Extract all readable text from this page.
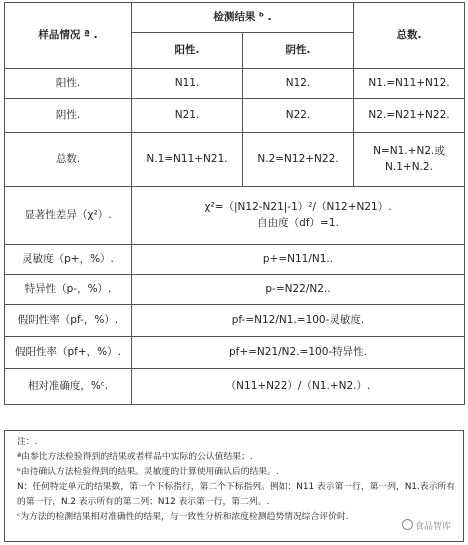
样品情况 ª .	检测结果 ᵇ .		总数.
	阳性.	阴性.	
阳性.	N11.	N12.	N1.=N11+N12.
阴性.	N21.	N22.	N2.=N21+N22.
总数.	N.1=N11+N21.	N.2=N12+N22.	N=N1.+N2.或
N.1+N.2.

显著性差异（χ²）.	χ²=（|N12-N21|-1）²/（N12+N21）.
自由度（df）=1.		

灵敏度（p+，%）.	p+=N11/N1..		
特异性（p-，%）.	p-=N22/N2..		
假阴性率（pf-，%）.	pf-=N12/N1.=100-灵敏度.		
假阳性率（pf+，%）.	pf+=N21/N2.=100-特异性.		
相对准确度，%ᶜ.	（N11+N22）/（N1.+N2.）.		
注：.
ª由参比方法检验得到的结果或者样品中实际的公认值结果；.
ᵇ由待确认方法检验得到的结果。灵敏度的计算使用确认后的结果。.
N：任何特定单元的结果数，第一个下标指行，第二个下标指列。例如：N11 表示第一行，第一列，N1.表示所有的第一行，N.2 表示所有的第二列；N12 表示第一行，第二列。.
ᶜ为方法的检测结果相对准确性的结果，与一致性分析和浓度检测趋势情况综合评价时.
食品智库
